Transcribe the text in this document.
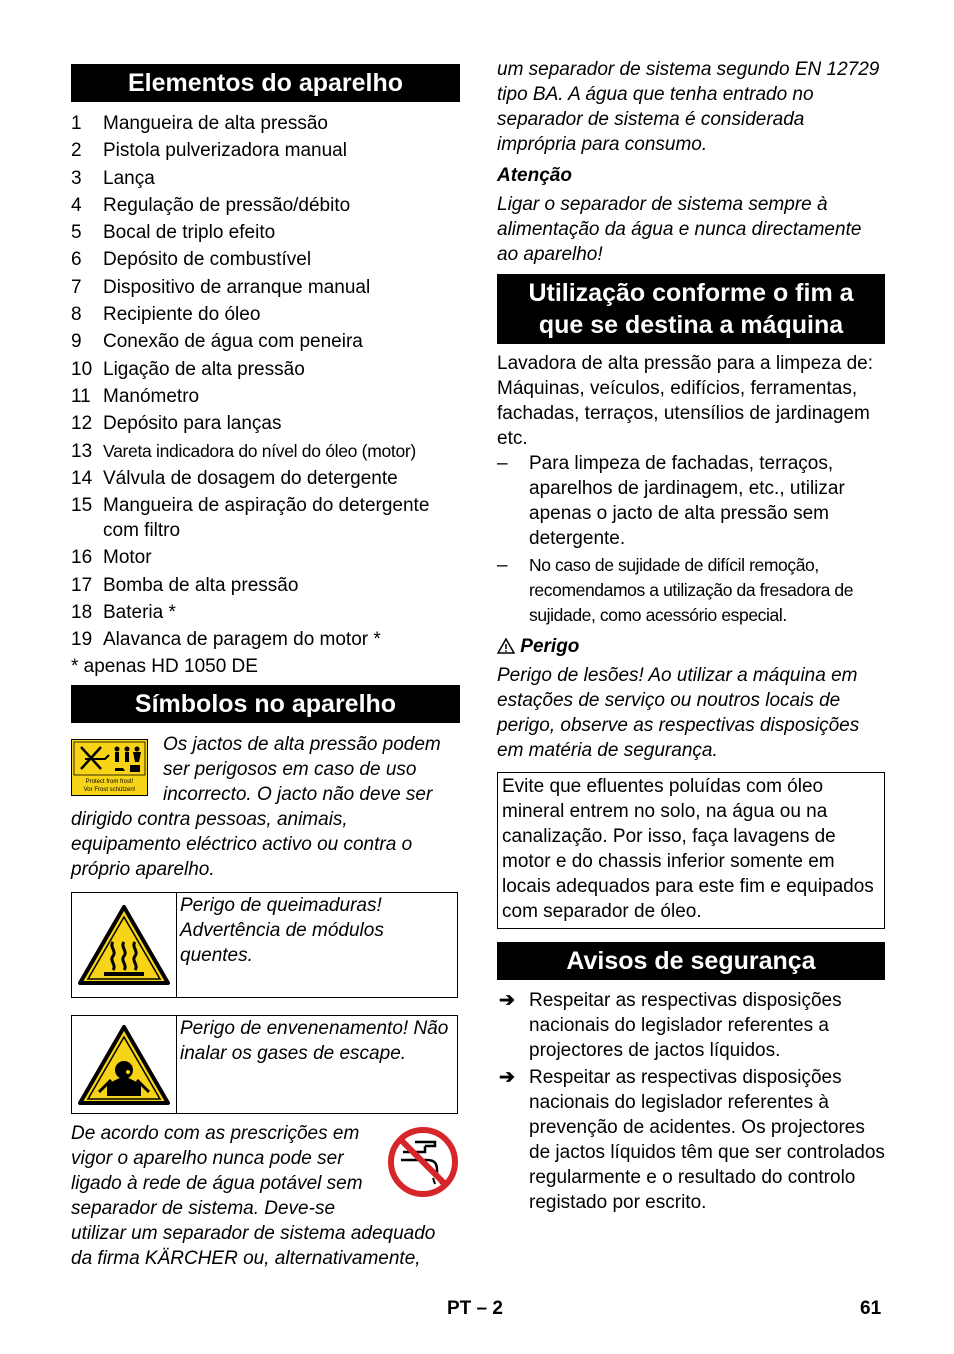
Elementos do aparelho
1 Mangueira de alta pressão
2 Pistola pulverizadora manual
3 Lança
4 Regulação de pressão/débito
5 Bocal de triplo efeito
6 Depósito de combustível
7 Dispositivo de arranque manual
8 Recipiente do óleo
9 Conexão de água com peneira
10 Ligação de alta pressão
11 Manómetro
12 Depósito para lanças
13 Vareta indicadora do nível do óleo (motor)
14 Válvula de dosagem do detergente
15 Mangueira de aspiração do detergente com filtro
16 Motor
17 Bomba de alta pressão
18 Bateria *
19 Alavanca de paragem do motor *
* apenas HD 1050 DE
Símbolos no aparelho
Protect from frost!
Vor Frost schützen!
Os jactos de alta pressão podem ser perigosos em caso de uso incorrecto. O jacto não deve ser dirigido contra pessoas, animais, equipamento eléctrico activo ou contra o próprio aparelho.
Perigo de queimaduras! Advertência de módulos quentes.
Perigo de envenenamento! Não inalar os gases de escape.
De acordo com as prescrições em vigor o aparelho nunca pode ser ligado à rede de água potável sem separador de sistema. Deve-se utilizar um separador de sistema adequado da firma KÄRCHER ou, alternativamente,

um separador de sistema segundo EN 12729 tipo BA. A água que tenha entrado no separador de sistema é considerada imprópria para consumo.

Atenção

Ligar o separador de sistema sempre à alimentação da água e nunca directamente ao aparelho!

Utilização conforme o fim a que se destina a máquina

Lavadora de alta pressão para a limpeza de: Máquinas, veículos, edifícios, ferramentas, fachadas, terraços, utensílios de jardinagem etc.

– Para limpeza de fachadas, terraços, aparelhos de jardinagem, etc., utilizar apenas o jacto de alta pressão sem detergente.
– No caso de sujidade de difícil remoção, recomendamos a utilização da fresadora de sujidade, como acessório especial.
Perigo

Perigo de lesões! Ao utilizar a máquina em estações de serviço ou noutros locais de perigo, observe as respectivas disposições em matéria de segurança.

Evite que efluentes poluídas com óleo mineral entrem no solo, na água ou na canalização. Por isso, faça lavagens de motor e do chassis inferior somente em locais adequados para este fim e equipados com separador de óleo.
Avisos de segurança
➔ Respeitar as respectivas disposições nacionais do legislador referentes a projectores de jactos líquidos.
➔ Respeitar as respectivas disposições nacionais do legislador referentes à prevenção de acidentes. Os projectores de jactos líquidos têm que ser controlados regularmente e o resultado do controlo registado por escrito.
PT – 2	61
